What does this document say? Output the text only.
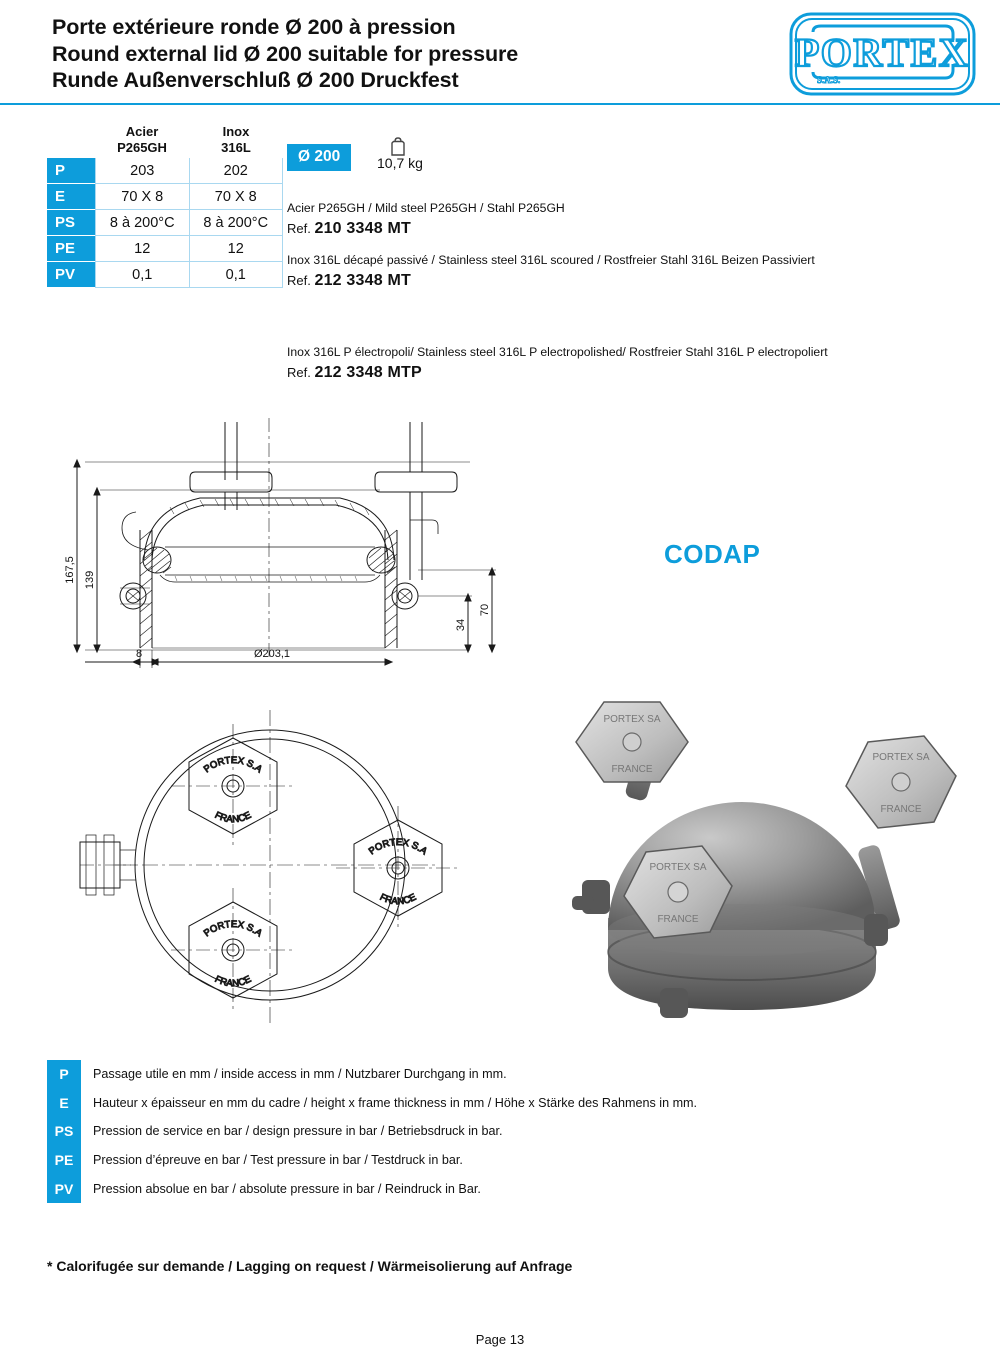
Porte extérieure ronde Ø 200 à pression
Round external lid Ø 200 suitable for pressure
Runde Außenverschluß Ø 200 Druckfest
PORTEX
S.A.S.
Acier
P265GH
Inox
316L
P	203	202
E	70 X 8	70 X 8
PS	8 à 200°C	8 à 200°C
PE	12	12
PV	0,1	0,1
Ø 200	10,7 kg
Acier P265GH / Mild steel P265GH / Stahl P265GH
Ref. 210 3348 MT
Inox 316L décapé passivé / Stainless steel 316L scoured / Rostfreier Stahl 316L Beizen Passiviert
Ref. 212 3348 MT
Inox 316L P électropoli/ Stainless steel 316L P electropolished/ Rostfreier Stahl 316L P electropoliert
Ref. 212 3348 MTP
CODAP
167,5 139
8	Ø203,1
70
34
PORTEX S.A
FRANCE
PORTEX S.A
FRANCE
PORTEX S.A
FRANCE
PORTEX SA
FRANCE
PORTEX SA
FRANCE
PORTEX SA
FRANCE
P	Passage utile en mm / inside access in mm / Nutzbarer Durchgang in mm.
E	Hauteur x épaisseur en mm du cadre / height x frame thickness in mm / Höhe x Stärke des Rahmens in mm.
PS	Pression de service en bar / design pressure in bar / Betriebsdruck in bar.
PE	Pression d’épreuve en bar / Test pressure in bar / Testdruck in bar.
PV	Pression absolue en bar / absolute pressure in bar / Reindruck in Bar.
* Calorifugée sur demande / Lagging on request / Wärmeisolierung auf Anfrage
Page 13
